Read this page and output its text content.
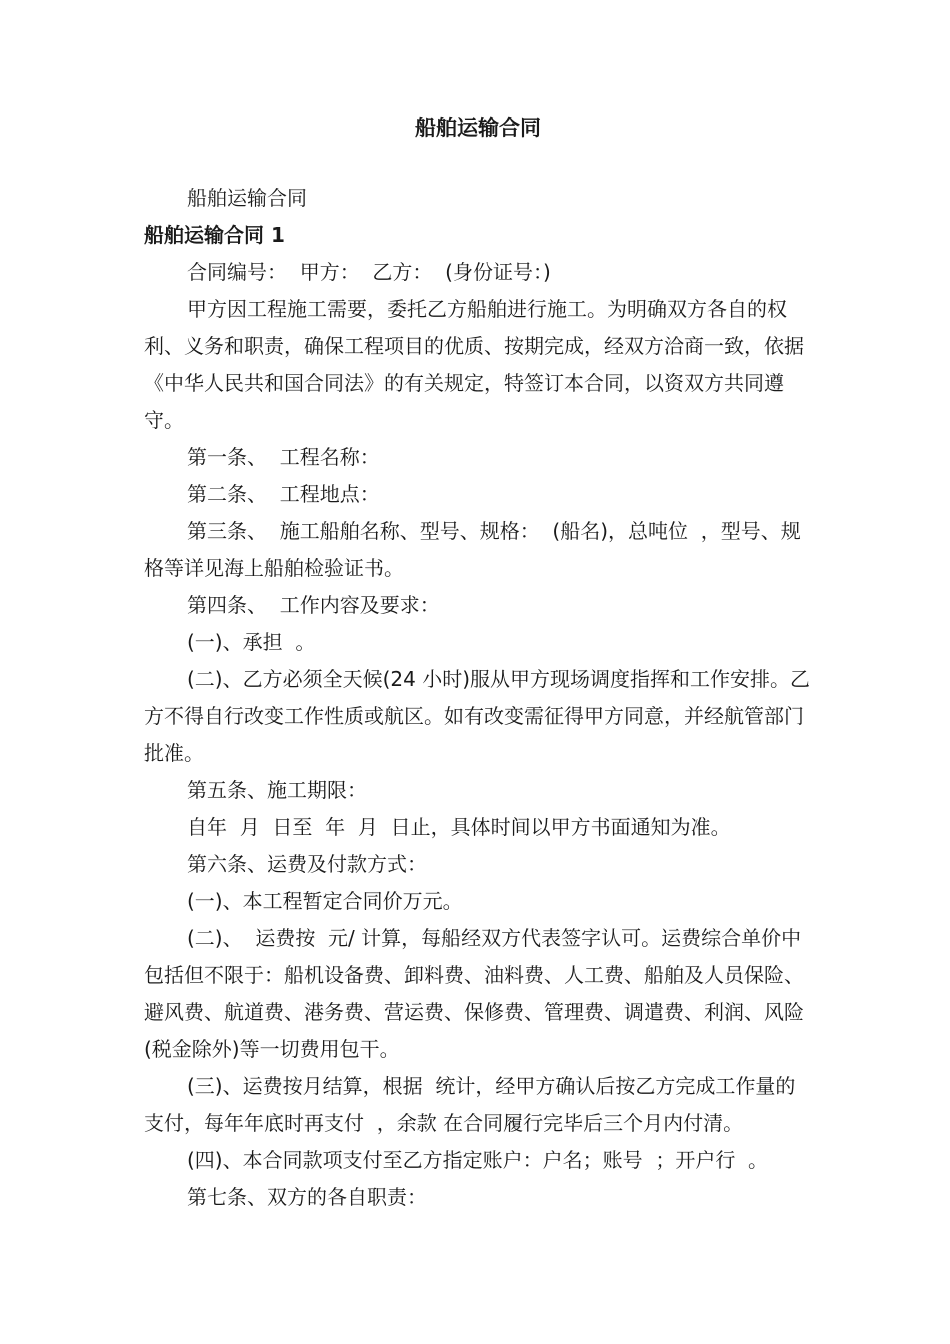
船舶运输合同

船舶运输合同

船舶运输合同 1

合同编号：  甲方：  乙方：  (身份证号：)

甲方因工程施工需要，委托乙方船舶进行施工。为明确双方各自的权利、义务和职责，确保工程项目的优质、按期完成，经双方洽商一致，依据《中华人民共和国合同法》的有关规定，特签订本合同，以资双方共同遵守。

第一条、  工程名称：

第二条、  工程地点：

第三条、  施工船舶名称、型号、规格：  (船名)，总吨位  ，型号、规格等详见海上船舶检验证书。

第四条、  工作内容及要求：

(一)、承担  。

(二)、乙方必须全天候(24 小时)服从甲方现场调度指挥和工作安排。乙方不得自行改变工作性质或航区。如有改变需征得甲方同意，并经航管部门批准。

第五条、施工期限：

自年  月  日至  年  月  日止，具体时间以甲方书面通知为准。

第六条、运费及付款方式：

(一)、本工程暂定合同价万元。

(二)、  运费按  元/ 计算，每船经双方代表签字认可。运费综合单价中包括但不限于：船机设备费、卸料费、油料费、人工费、船舶及人员保险、避风费、航道费、港务费、营运费、保修费、管理费、调遣费、利润、风险(税金除外)等一切费用包干。

(三)、运费按月结算，根据  统计，经甲方确认后按乙方完成工作量的 支付，每年年底时再支付  ，余款 在合同履行完毕后三个月内付清。

(四)、本合同款项支付至乙方指定账户：户名；账号  ；开户行  。

第七条、双方的各自职责：
